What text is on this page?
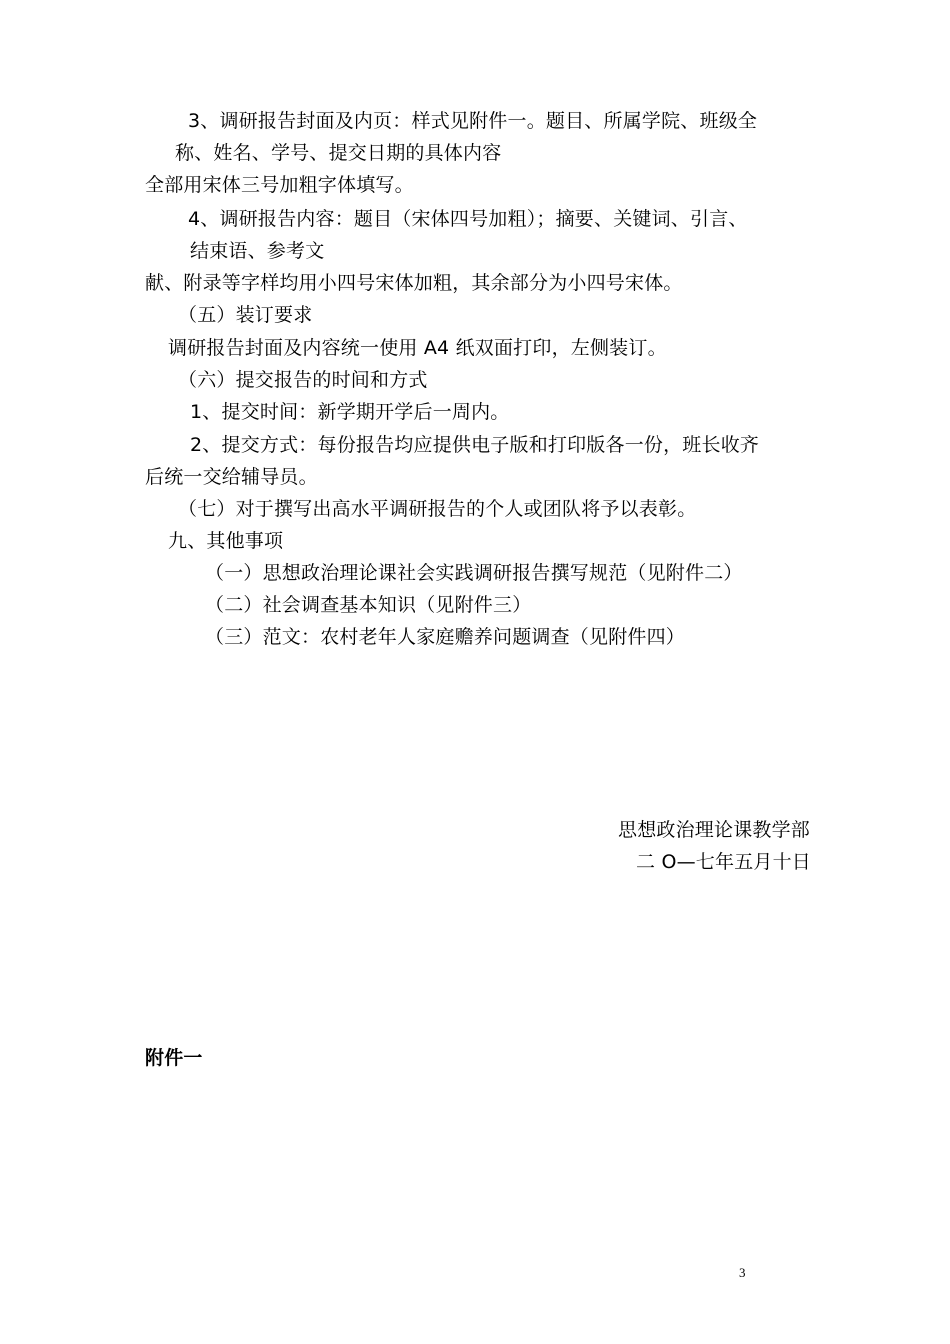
3、调研报告封面及内页：样式见附件一。题目、所属学院、班级全
称、姓名、学号、提交日期的具体内容
全部用宋体三号加粗字体填写。
4、调研报告内容：题目（宋体四号加粗）；摘要、关键词、引言、
结束语、参考文
献、附录等字样均用小四号宋体加粗，其余部分为小四号宋体。
（五）装订要求
调研报告封面及内容统一使用 A4 纸双面打印，左侧装订。
（六）提交报告的时间和方式
1、提交时间：新学期开学后一周内。
2、提交方式：每份报告均应提供电子版和打印版各一份，班长收齐
后统一交给辅导员。
（七）对于撰写出高水平调研报告的个人或团队将予以表彰。
九、其他事项
（一）思想政治理论课社会实践调研报告撰写规范（见附件二）
（二）社会调查基本知识（见附件三）
（三）范文：农村老年人家庭赡养问题调查（见附件四）
思想政治理论课教学部
二 O—七年五月十日
附件一
3
